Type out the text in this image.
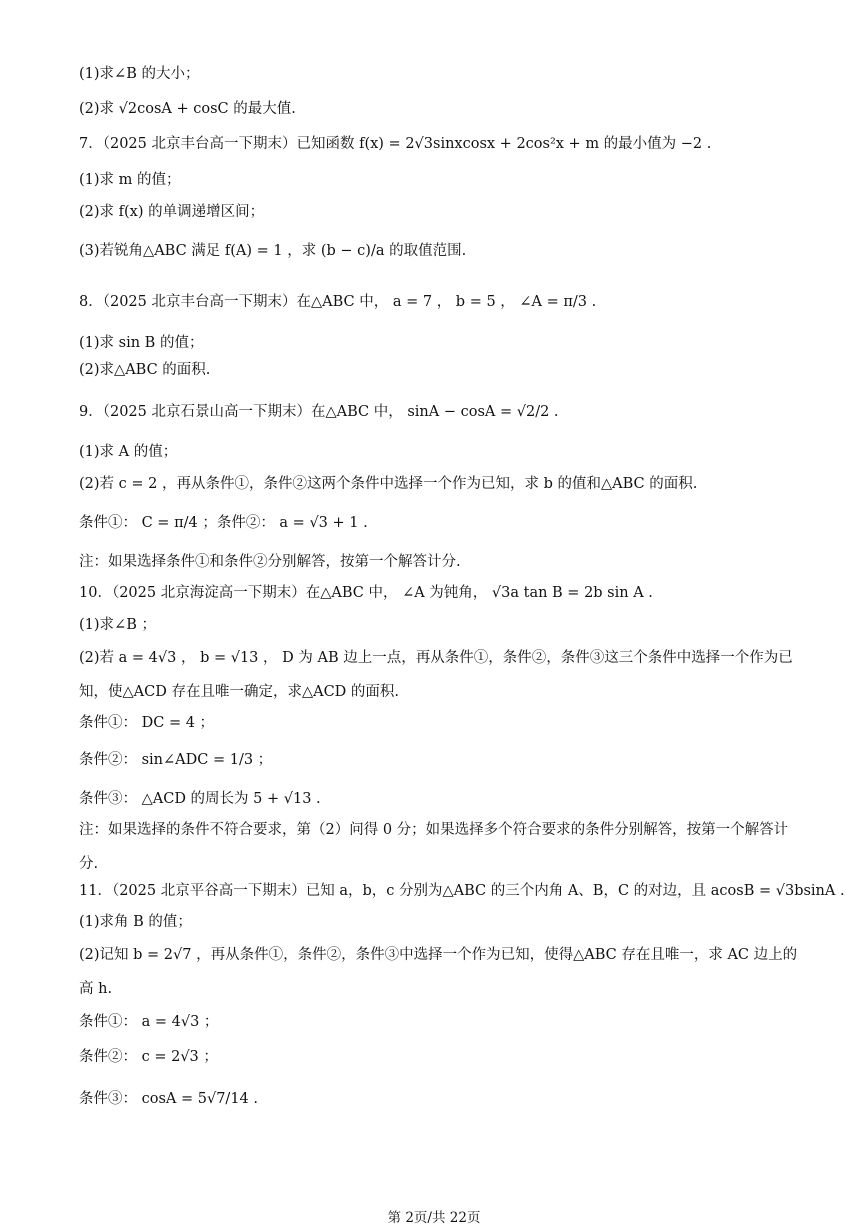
(1)求∠B 的大小；
(2)求 √2cosA + cosC 的最大值.
7．（2025 北京丰台高一下期末）已知函数 f(x) = 2√3sinxcosx + 2cos²x + m 的最小值为 −2 .
(1)求 m 的值；
(2)求 f(x) 的单调递增区间；
(3)若锐角△ABC 满足 f(A) = 1 ，求 (b − c)/a 的取值范围.
8．（2025 北京丰台高一下期末）在△ABC 中， a = 7 ， b = 5 ， ∠A = π/3 .
(1)求 sin B 的值；
(2)求△ABC 的面积.
9．（2025 北京石景山高一下期末）在△ABC 中， sinA − cosA = √2/2 .
(1)求 A 的值；
(2)若 c = 2 ，再从条件①，条件②这两个条件中选择一个作为已知，求 b 的值和△ABC 的面积.
条件①： C = π/4 ；条件②： a = √3 + 1 .
注：如果选择条件①和条件②分别解答，按第一个解答计分.
10．（2025 北京海淀高一下期末）在△ABC 中， ∠A 为钝角， √3a tan B = 2b sin A .
(1)求∠B ；
(2)若 a = 4√3 ， b = √13 ， D 为 AB 边上一点，再从条件①，条件②，条件③这三个条件中选择一个作为已知，使△ACD 存在且唯一确定，求△ACD 的面积.
条件①： DC = 4 ；
条件②： sin∠ADC = 1/3 ；
条件③： △ACD 的周长为 5 + √13 .
注：如果选择的条件不符合要求，第（2）问得 0 分；如果选择多个符合要求的条件分别解答，按第一个解答计分.
11．（2025 北京平谷高一下期末）已知 a，b，c 分别为△ABC 的三个内角 A、B，C 的对边，且 acosB = √3bsinA .
(1)求角 B 的值；
(2)记知 b = 2√7 ，再从条件①，条件②，条件③中选择一个作为已知，使得△ABC 存在且唯一，求 AC 边上的高 h.
条件①： a = 4√3 ；
条件②： c = 2√3 ；
条件③： cosA = 5√7/14 .
第 2页/共 22页
